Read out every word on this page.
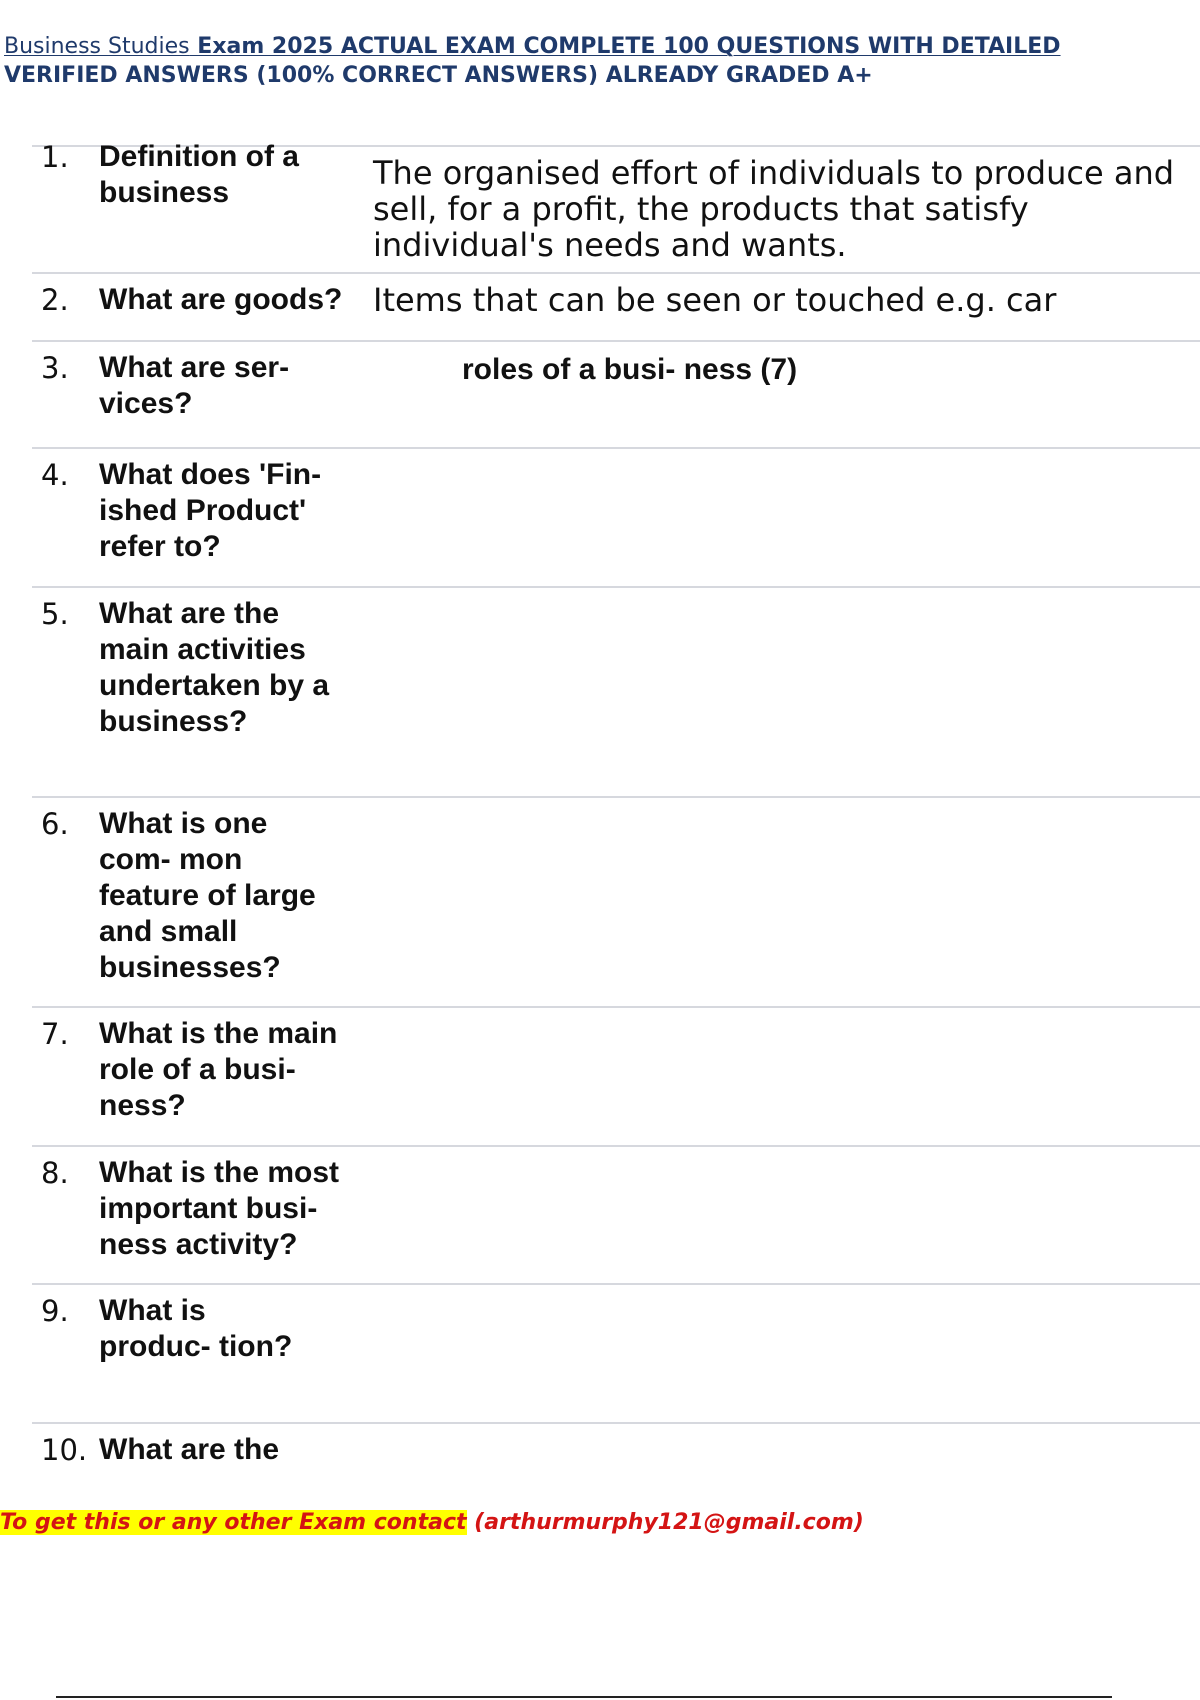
Business Studies Exam 2025 ACTUAL EXAM COMPLETE 100 QUESTIONS WITH DETAILED
VERIFIED ANSWERS (100% CORRECT ANSWERS) ALREADY GRADED A+
1. Definition of a
business
The organised effort of individuals to produce and
sell, for a profit, the products that satisfy
individual's needs and wants.
2. What are goods? Items that can be seen or touched e.g. car
3. What are ser-
vices?
roles of a busi- ness (7)
4. What does 'Fin-
ished Product'
refer to?
5. What are the
main activities
undertaken by a
business?
6. What is one
com- mon
feature of large
and small
businesses?
7. What is the main
role of a busi-
ness?
8. What is the most
important busi-
ness activity?
9. What is
produc- tion?
10. What are the
To get this or any other Exam contact (arthurmurphy121@gmail.com)
